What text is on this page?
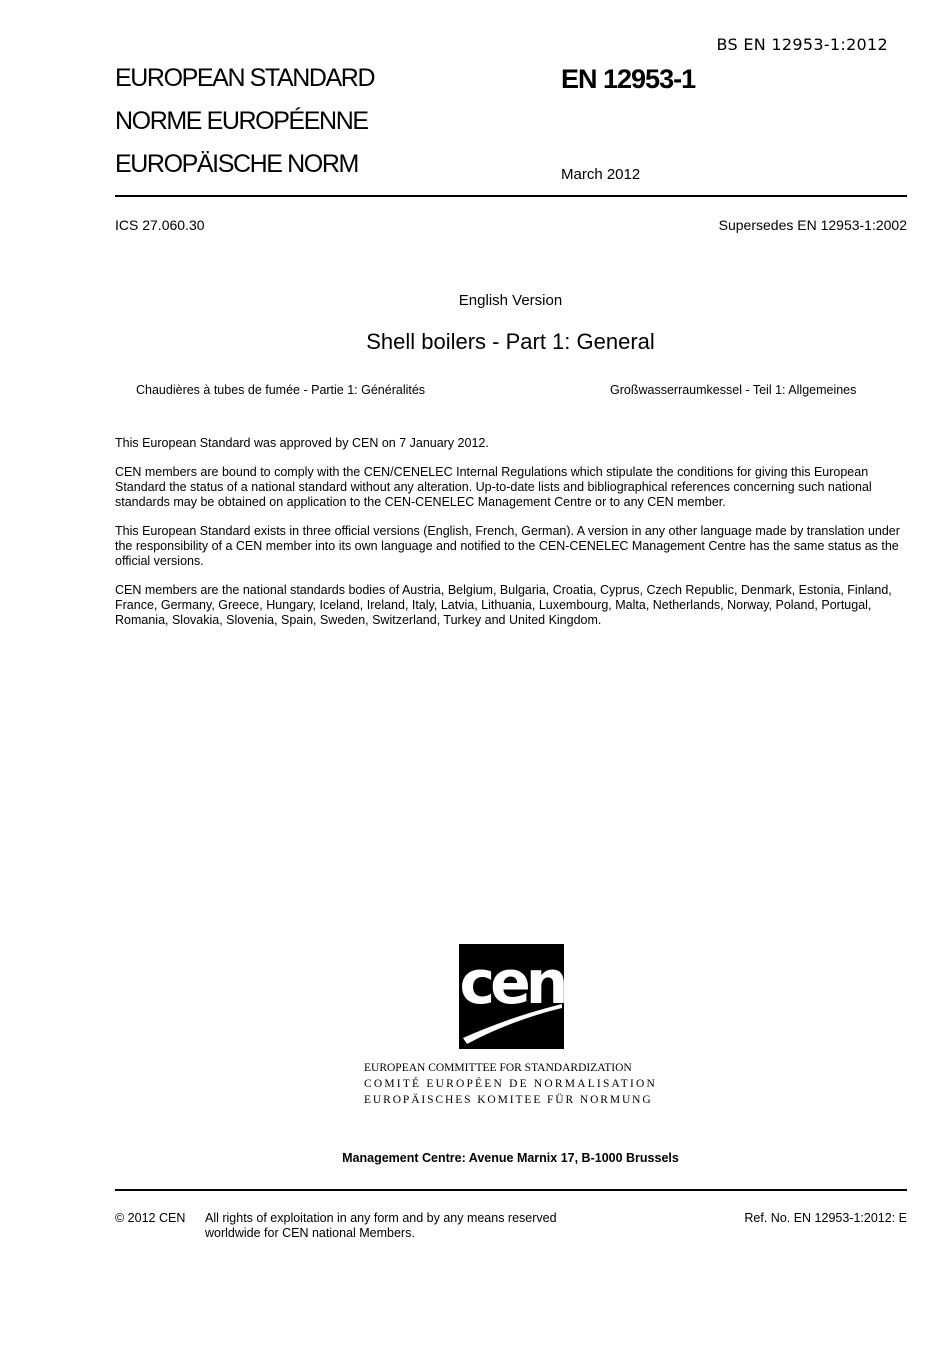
BS EN 12953-1:2012
EUROPEAN STANDARD
NORME EUROPÉENNE
EUROPÄISCHE NORM
EN 12953-1
March 2012
ICS 27.060.30	Supersedes EN 12953-1:2002
English Version
Shell boilers - Part 1: General
Chaudières à tubes de fumée - Partie 1: Généralités	Großwasserraumkessel - Teil 1: Allgemeines
This European Standard was approved by CEN on 7 January 2012.
CEN members are bound to comply with the CEN/CENELEC Internal Regulations which stipulate the conditions for giving this European Standard the status of a national standard without any alteration. Up-to-date lists and bibliographical references concerning such national standards may be obtained on application to the CEN-CENELEC Management Centre or to any CEN member.
This European Standard exists in three official versions (English, French, German). A version in any other language made by translation under the responsibility of a CEN member into its own language and notified to the CEN-CENELEC Management Centre has the same status as the official versions.
CEN members are the national standards bodies of Austria, Belgium, Bulgaria, Croatia, Cyprus, Czech Republic, Denmark, Estonia, Finland, France, Germany, Greece, Hungary, Iceland, Ireland, Italy, Latvia, Lithuania, Luxembourg, Malta, Netherlands, Norway, Poland, Portugal, Romania, Slovakia, Slovenia, Spain, Sweden, Switzerland, Turkey and United Kingdom.
cen
EUROPEAN COMMITTEE FOR STANDARDIZATION
COMITÉ EUROPÉEN DE NORMALISATION
EUROPÄISCHES KOMITEE FÜR NORMUNG
Management Centre: Avenue Marnix 17, B-1000 Brussels
© 2012 CEN All rights of exploitation in any form and by any means reserved worldwide for CEN national Members.
Ref. No. EN 12953-1:2012: E
